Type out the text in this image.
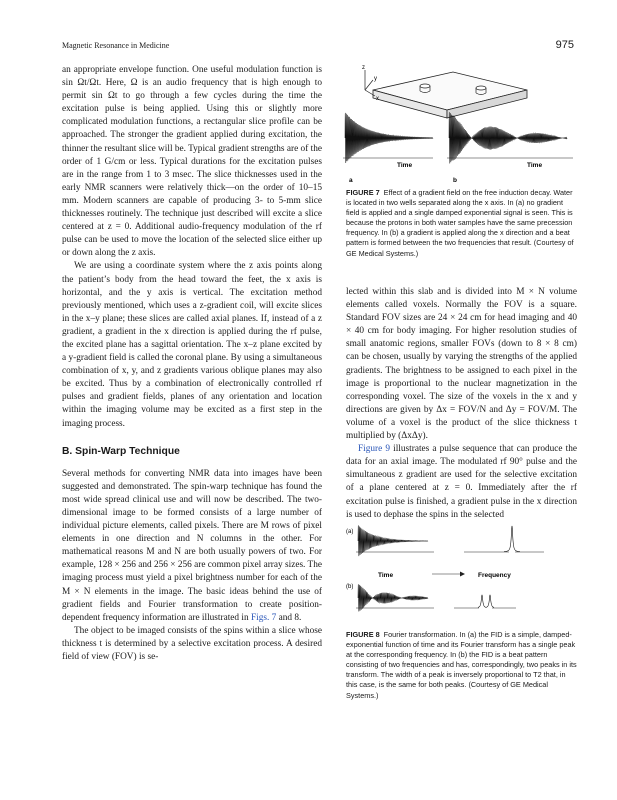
Magnetic Resonance in Medicine	975

an appropriate envelope function. One useful modulation function is sin Ωt/Ωt. Here, Ω is an audio frequency that is high enough to permit sin Ωt to go through a few cycles during the time the excitation pulse is being applied. Using this or slightly more complicated modulation functions, a rectangular slice profile can be approached. The stronger the gradient applied during excitation, the thinner the resultant slice will be. Typical gradient strengths are of the order of 1 G/cm or less. Typical durations for the excitation pulses are in the range from 1 to 3 msec. The slice thicknesses used in the early NMR scanners were relatively thick—on the order of 10–15 mm. Modern scanners are capable of producing 3- to 5-mm slice thicknesses routinely. The technique just described will excite a slice centered at z = 0. Additional audio-frequency modulation of the rf pulse can be used to move the location of the selected slice either up or down along the z axis.

We are using a coordinate system where the z axis points along the patient’s body from the head toward the feet, the x axis is horizontal, and the y axis is vertical. The excitation method previously mentioned, which uses a z-gradient coil, will excite slices in the x–y plane; these slices are called axial planes. If, instead of a z gradient, a gradient in the x direction is applied during the rf pulse, the excited plane has a sagittal orientation. The x–z plane excited by a y-gradient field is called the coronal plane. By using a simultaneous combination of x, y, and z gradients various oblique planes may also be excited. Thus by a combination of electronically controlled rf pulses and gradient fields, planes of any orientation and location within the imaging volume may be excited as a first step in the imaging process.

B. Spin-Warp Technique

Several methods for converting NMR data into images have been suggested and demonstrated. The spin-warp technique has found the most wide spread clinical use and will now be described. The two-dimensional image to be formed consists of a large number of individual picture elements, called pixels. There are M rows of pixel elements in one direction and N columns in the other. For mathematical reasons M and N are both usually powers of two. For example, 128 × 256 and 256 × 256 are common pixel array sizes. The imaging process must yield a pixel brightness number for each of the M × N elements in the image. The basic ideas behind the use of gradient fields and Fourier transformation to create position-dependent frequency information are illustrated in Figs. 7 and 8.

The object to be imaged consists of the spins within a slice whose thickness t is determined by a selective excitation process. A desired field of view (FOV) is se-

z
y
x
Time	Time
a	b
FIGURE 7 Effect of a gradient field on the free induction decay. Water is located in two wells separated along the x axis. In (a) no gradient field is applied and a single damped exponential signal is seen. This is because the protons in both water samples have the same precession frequency. In (b) a gradient is applied along the x direction and a beat pattern is formed between the two frequencies that result. (Courtesy of GE Medical Systems.)

lected within this slab and is divided into M × N volume elements called voxels. Normally the FOV is a square. Standard FOV sizes are 24 × 24 cm for head imaging and 40 × 40 cm for body imaging. For higher resolution studies of small anatomic regions, smaller FOVs (down to 8 × 8 cm) can be chosen, usually by varying the strengths of the applied gradients. The brightness to be assigned to each pixel in the image is proportional to the nuclear magnetization in the corresponding voxel. The size of the voxels in the x and y directions are given by Δx = FOV/N and Δy = FOV/M. The volume of a voxel is the product of the slice thickness t multiplied by (ΔxΔy).

Figure 9 illustrates a pulse sequence that can produce the data for an axial image. The modulated rf 90° pulse and the simultaneous z gradient are used for the selective excitation of a plane centered at z = 0. Immediately after the rf excitation pulse is finished, a gradient pulse in the x direction is used to dephase the spins in the selected

(a)
Time	Frequency
(b)
FIGURE 8 Fourier transformation. In (a) the FID is a simple, damped-exponential function of time and its Fourier transform has a single peak at the corresponding frequency. In (b) the FID is a beat pattern consisting of two frequencies and has, correspondingly, two peaks in its transform. The width of a peak is inversely proportional to T2 that, in this case, is the same for both peaks. (Courtesy of GE Medical Systems.)
